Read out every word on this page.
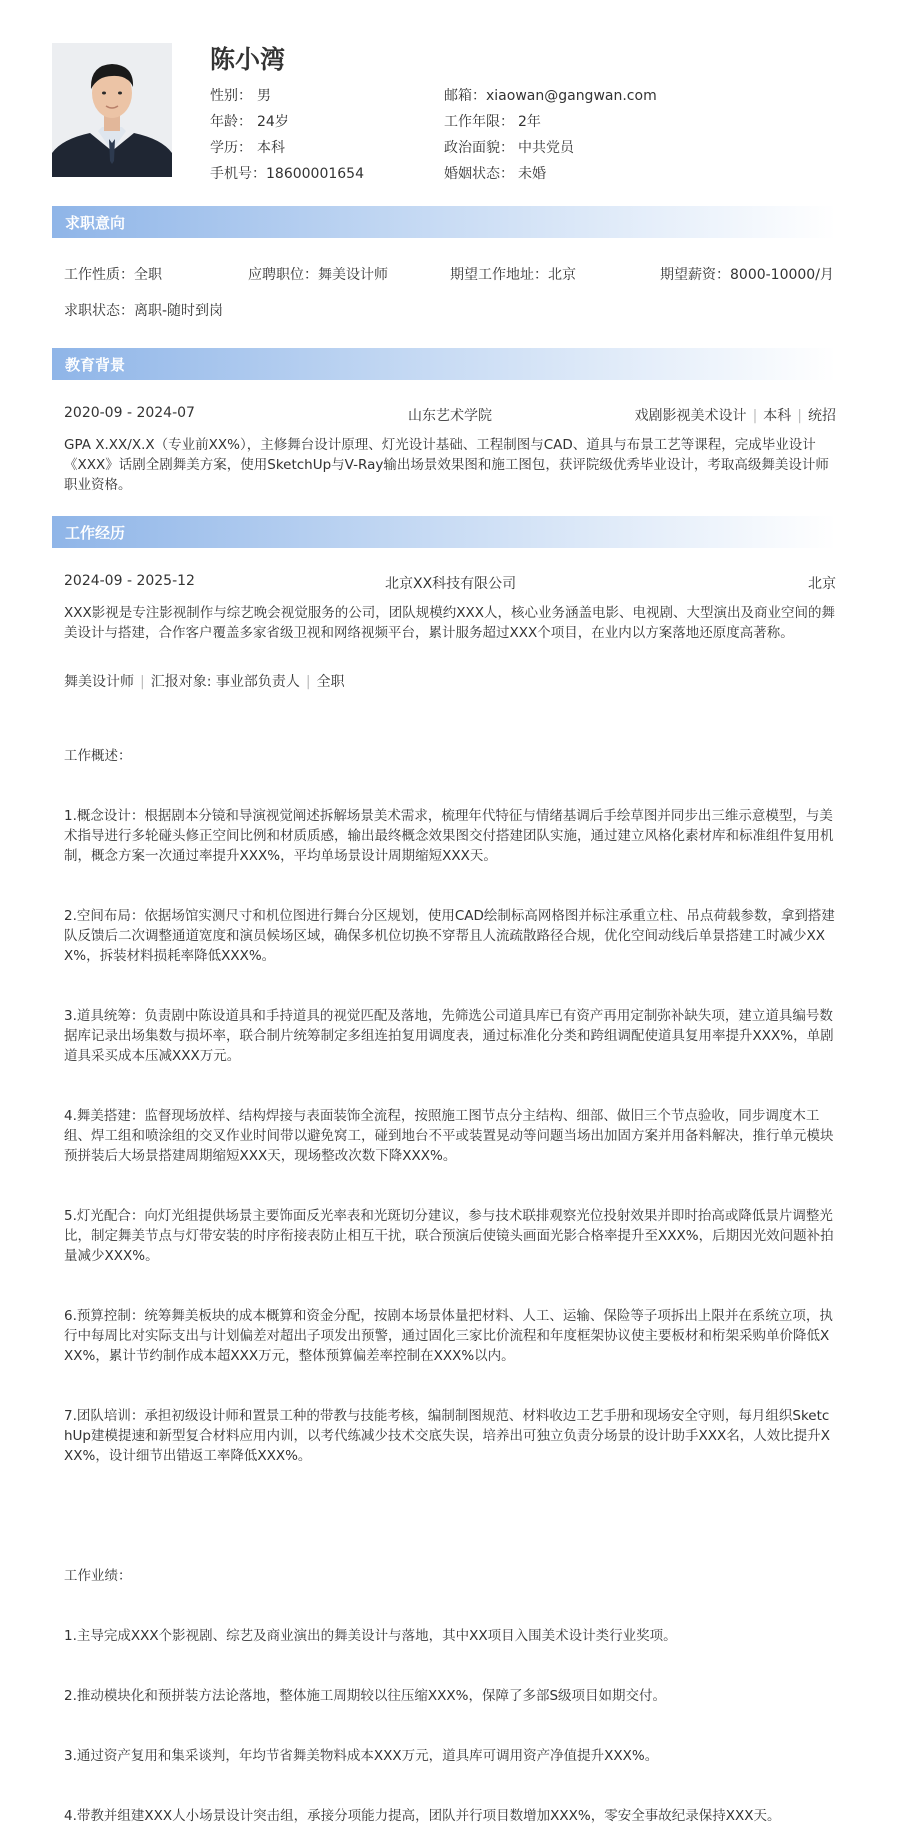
陈小湾
性别： 男
年龄： 24岁
学历： 本科
手机号：18600001654
邮箱：xiaowan@gangwan.com
工作年限： 2年
政治面貌： 中共党员
婚姻状态： 未婚
求职意向
工作性质：全职	应聘职位：舞美设计师	期望工作地址：北京	期望薪资：8000-10000/月
求职状态：离职-随时到岗
教育背景
2020-09 - 2024-07	山东艺术学院	戏剧影视美术设计 | 本科 | 统招
GPA X.XX/X.X（专业前XX%），主修舞台设计原理、灯光设计基础、工程制图与CAD、道具与布景工艺等课程，完成毕业设计《XXX》话剧全剧舞美方案，使用SketchUp与V-Ray输出场景效果图和施工图包，获评院级优秀毕业设计，考取高级舞美设计师职业资格。
工作经历
2024-09 - 2025-12	北京XX科技有限公司	北京
XXX影视是专注影视制作与综艺晚会视觉服务的公司，团队规模约XXX人，核心业务涵盖电影、电视剧、大型演出及商业空间的舞美设计与搭建，合作客户覆盖多家省级卫视和网络视频平台，累计服务超过XXX个项目，在业内以方案落地还原度高著称。
舞美设计师 | 汇报对象: 事业部负责人 | 全职

工作概述：

1.概念设计：根据剧本分镜和导演视觉阐述拆解场景美术需求，梳理年代特征与情绪基调后手绘草图并同步出三维示意模型，与美术指导进行多轮碰头修正空间比例和材质质感，输出最终概念效果图交付搭建团队实施，通过建立风格化素材库和标准组件复用机制，概念方案一次通过率提升XXX%，平均单场景设计周期缩短XXX天。

2.空间布局：依据场馆实测尺寸和机位图进行舞台分区规划，使用CAD绘制标高网格图并标注承重立柱、吊点荷载参数，拿到搭建队反馈后二次调整通道宽度和演员候场区域，确保多机位切换不穿帮且人流疏散路径合规，优化空间动线后单景搭建工时减少XXX%，拆装材料损耗率降低XXX%。

3.道具统筹：负责剧中陈设道具和手持道具的视觉匹配及落地，先筛选公司道具库已有资产再用定制弥补缺失项，建立道具编号数据库记录出场集数与损坏率，联合制片统筹制定多组连拍复用调度表，通过标准化分类和跨组调配使道具复用率提升XXX%，单剧道具采买成本压减XXX万元。

4.舞美搭建：监督现场放样、结构焊接与表面装饰全流程，按照施工图节点分主结构、细部、做旧三个节点验收，同步调度木工组、焊工组和喷涂组的交叉作业时间带以避免窝工，碰到地台不平或装置晃动等问题当场出加固方案并用备料解决，推行单元模块预拼装后大场景搭建周期缩短XXX天，现场整改次数下降XXX%。

5.灯光配合：向灯光组提供场景主要饰面反光率表和光斑切分建议，参与技术联排观察光位投射效果并即时抬高或降低景片调整光比，制定舞美节点与灯带安装的时序衔接表防止相互干扰，联合预演后使镜头画面光影合格率提升至XXX%，后期因光效问题补拍量减少XXX%。

6.预算控制：统筹舞美板块的成本概算和资金分配，按剧本场景体量把材料、人工、运输、保险等子项拆出上限并在系统立项，执行中每周比对实际支出与计划偏差对超出子项发出预警，通过固化三家比价流程和年度框架协议使主要板材和桁架采购单价降低XXX%，累计节约制作成本超XXX万元，整体预算偏差率控制在XXX%以内。

7.团队培训：承担初级设计师和置景工种的带教与技能考核，编制制图规范、材料收边工艺手册和现场安全守则，每月组织SketchUp建模提速和新型复合材料应用内训，以考代练减少技术交底失误，培养出可独立负责分场景的设计助手XXX名，人效比提升XXX%，设计细节出错返工率降低XXX%。

工作业绩：

1.主导完成XXX个影视剧、综艺及商业演出的舞美设计与落地，其中XX项目入围美术设计类行业奖项。

2.推动模块化和预拼装方法论落地，整体施工周期较以往压缩XXX%，保障了多部S级项目如期交付。

3.通过资产复用和集采谈判，年均节省舞美物料成本XXX万元，道具库可调用资产净值提升XXX%。

4.带教并组建XXX人小场景设计突击组，承接分项能力提高，团队并行项目数增加XXX%，零安全事故纪录保持XXX天。
